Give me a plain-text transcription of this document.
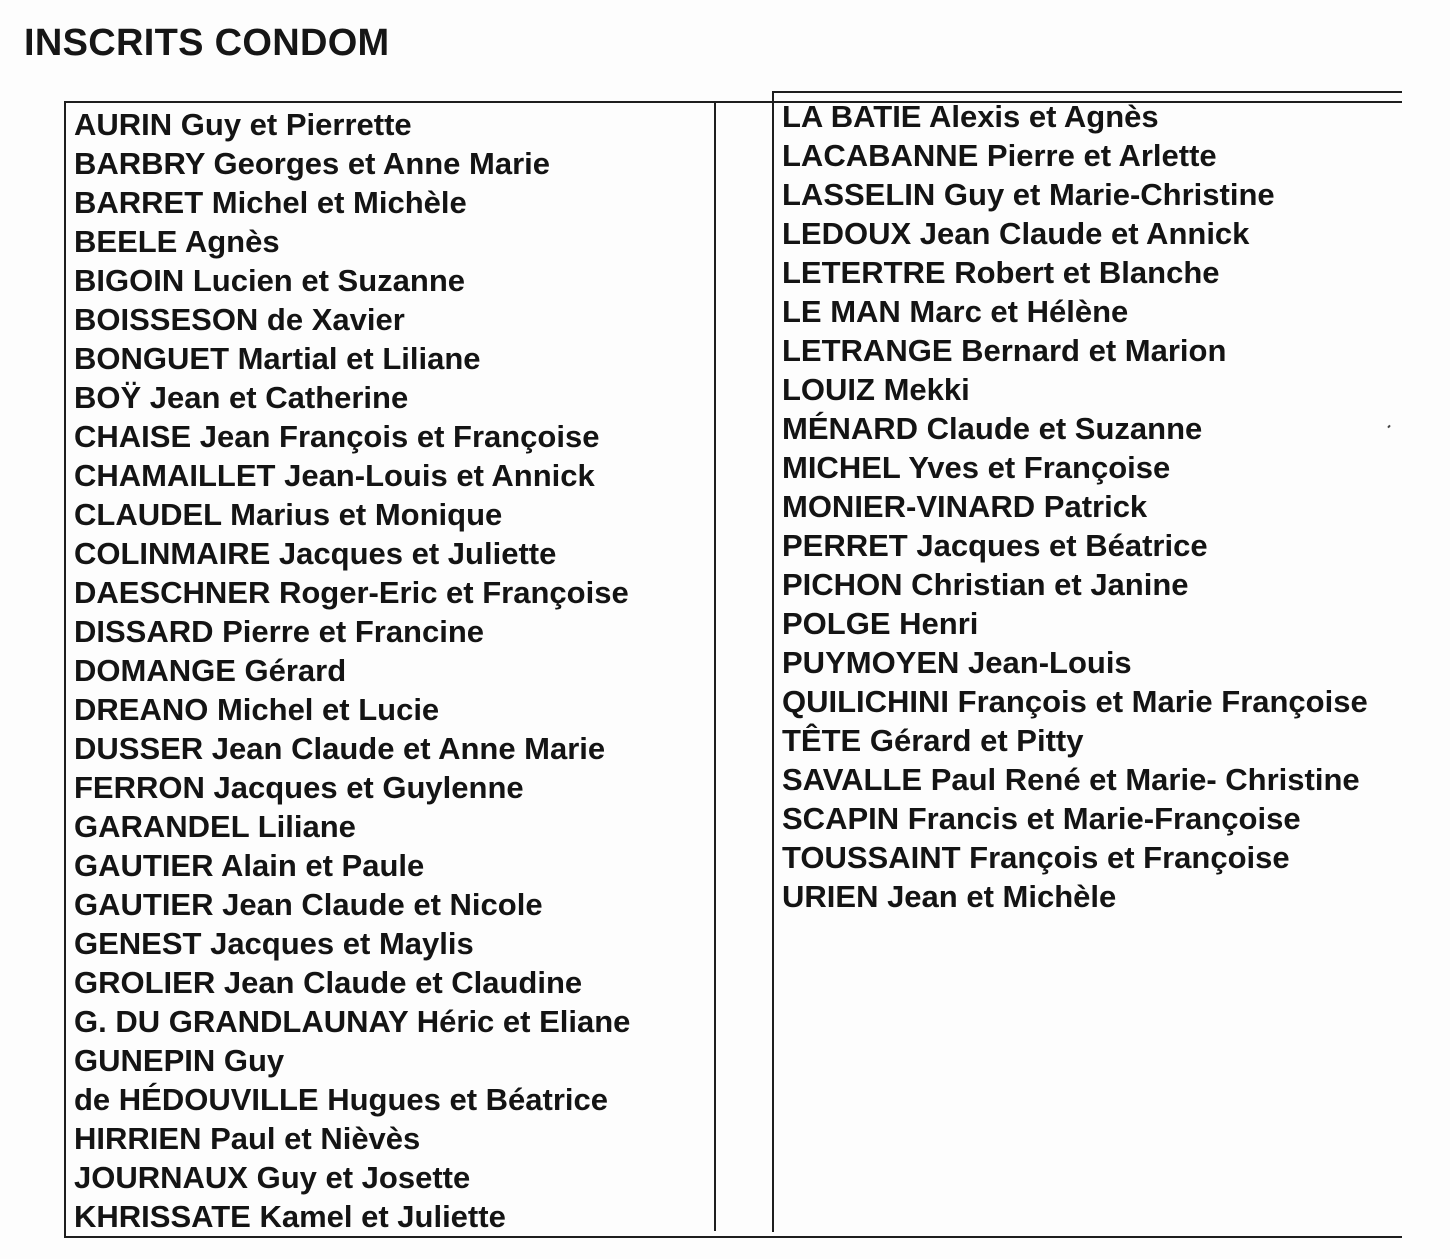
INSCRITS CONDOM
AURIN Guy et Pierrette
BARBRY Georges et Anne Marie
BARRET Michel et Michèle
BEELE Agnès
BIGOIN Lucien et Suzanne
BOISSESON de Xavier
BONGUET Martial et Liliane
BOŸ Jean et Catherine
CHAISE Jean François et Françoise
CHAMAILLET Jean-Louis et Annick
CLAUDEL Marius et Monique
COLINMAIRE Jacques et Juliette
DAESCHNER Roger-Eric et Françoise
DISSARD Pierre et Francine
DOMANGE Gérard
DREANO Michel et Lucie
DUSSER Jean Claude et Anne Marie
FERRON Jacques et Guylenne
GARANDEL Liliane
GAUTIER Alain et Paule
GAUTIER Jean Claude et Nicole
GENEST Jacques et Maylis
GROLIER Jean Claude et Claudine
G. DU GRANDLAUNAY Héric et Eliane
GUNEPIN Guy
de HÉDOUVILLE Hugues et Béatrice
HIRRIEN Paul et Nièvès
JOURNAUX Guy et Josette
KHRISSATE Kamel et Juliette
LA BATIE Alexis et Agnès
LACABANNE Pierre et Arlette
LASSELIN Guy et Marie-Christine
LEDOUX Jean Claude et Annick
LETERTRE Robert et Blanche
LE MAN Marc et Hélène
LETRANGE Bernard et Marion
LOUIZ Mekki
MÉNARD Claude et Suzanne
MICHEL Yves et Françoise
MONIER-VINARD Patrick
PERRET Jacques et Béatrice
PICHON Christian et Janine
POLGE Henri
PUYMOYEN Jean-Louis
QUILICHINI François et Marie Françoise
TÊTE Gérard et Pitty
SAVALLE Paul René et Marie- Christine
SCAPIN Francis et Marie-Françoise
TOUSSAINT François et Françoise
URIEN Jean et Michèle
